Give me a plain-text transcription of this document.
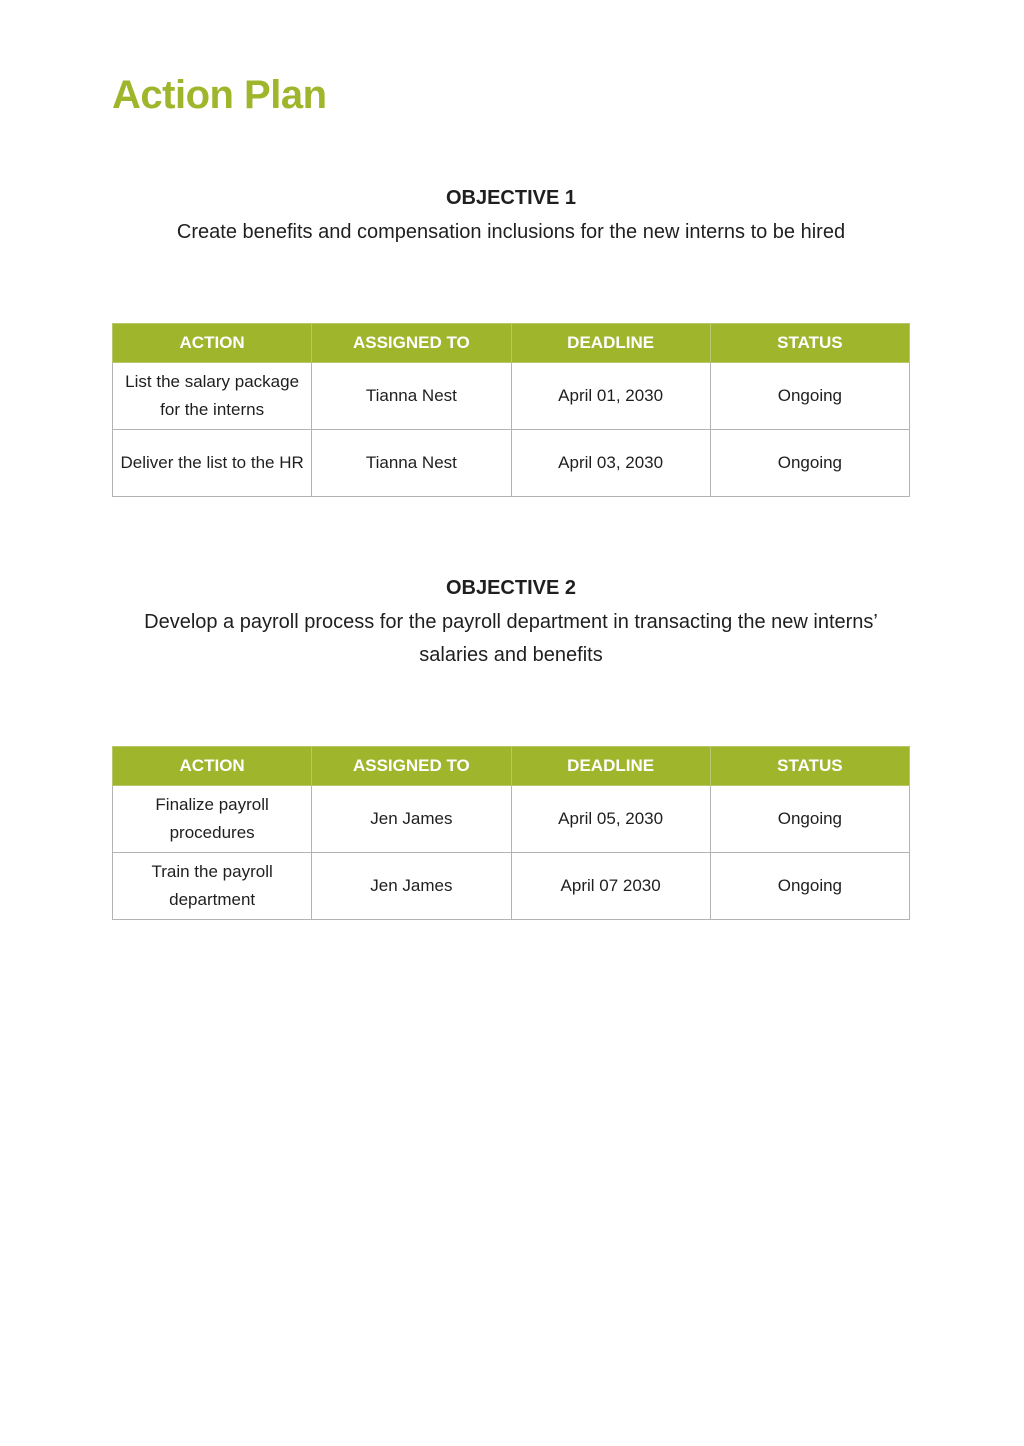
Action Plan
OBJECTIVE 1

Create benefits and compensation inclusions for the new interns to be hired

ACTION	ASSIGNED TO	DEADLINE	STATUS
List the salary package for the interns	Tianna Nest	April 01, 2030	Ongoing
Deliver the list to the HR	Tianna Nest	April 03, 2030	Ongoing
OBJECTIVE 2

Develop a payroll process for the payroll department in transacting the new interns’ salaries and benefits

ACTION	ASSIGNED TO	DEADLINE	STATUS
Finalize payroll procedures	Jen James	April 05, 2030	Ongoing
Train the payroll department	Jen James	April 07 2030	Ongoing
